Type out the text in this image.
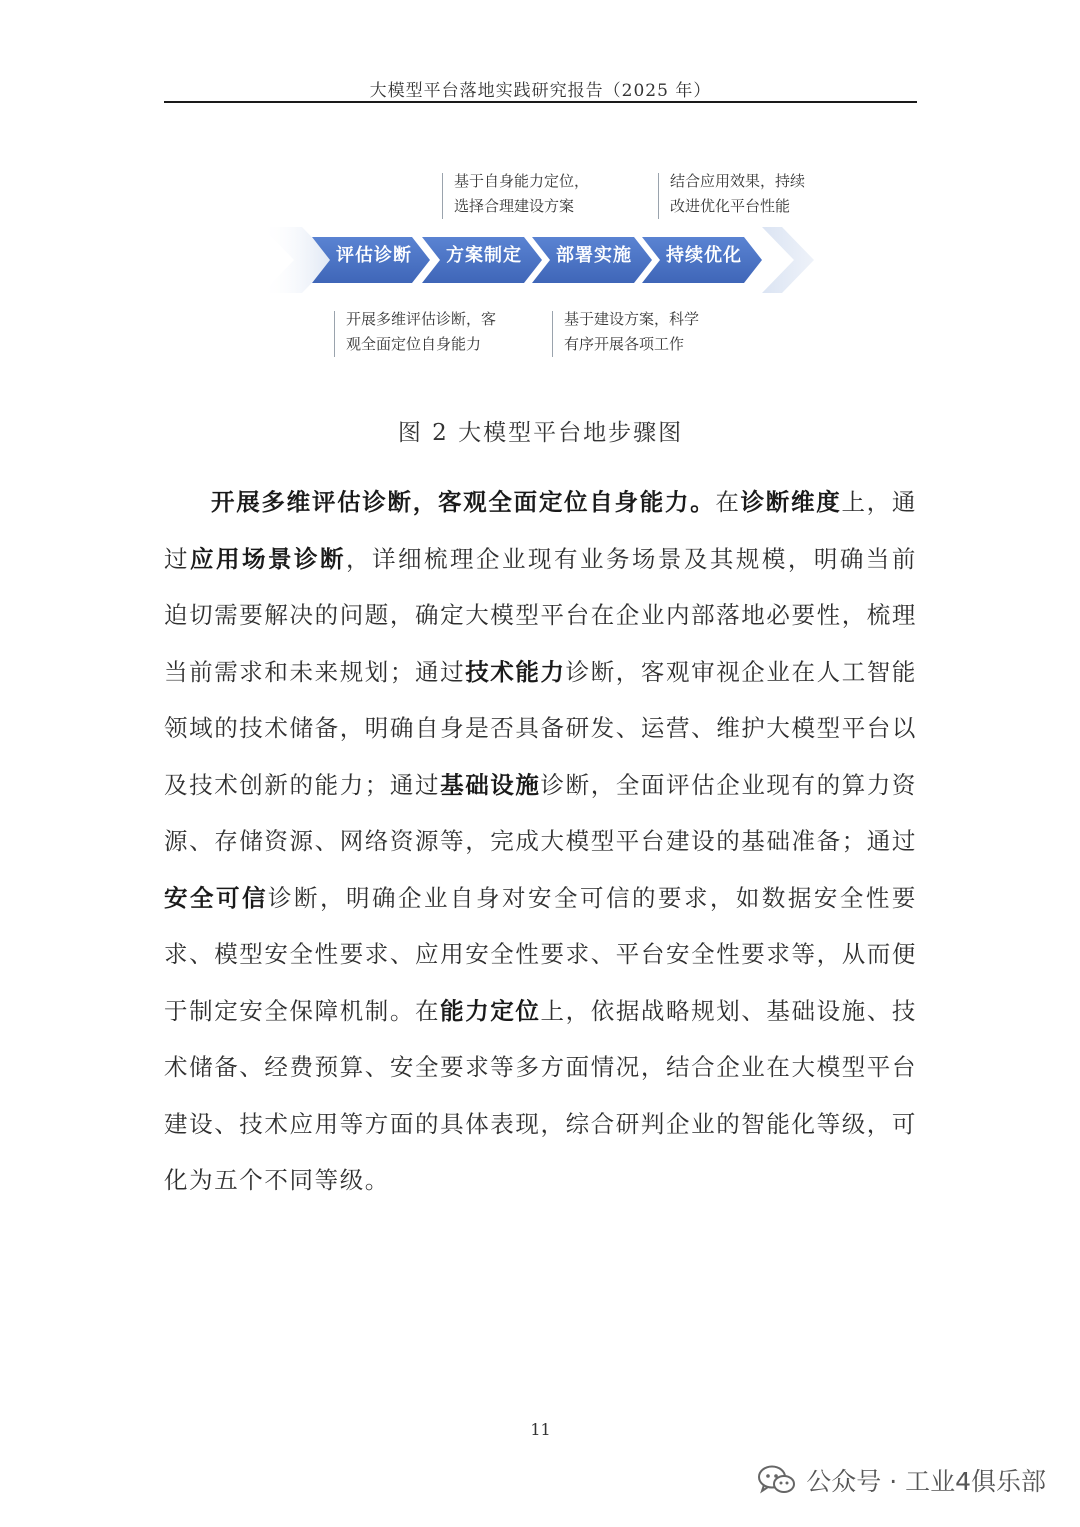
大模型平台落地实践研究报告（2025 年）
基于自身能力定位，
选择合理建设方案
结合应用效果，持续
改进优化平台性能
评估诊断	方案制定	部署实施	持续优化
开展多维评估诊断，客
观全面定位自身能力
基于建设方案，科学
有序开展各项工作
图 2 大模型平台地步骤图
开展多维评估诊断，客观全面定位自身能力。在诊断维度上，通过应用场景诊断，详细梳理企业现有业务场景及其规模，明确当前迫切需要解决的问题，确定大模型平台在企业内部落地必要性，梳理当前需求和未来规划；通过技术能力诊断，客观审视企业在人工智能领域的技术储备，明确自身是否具备研发、运营、维护大模型平台以及技术创新的能力；通过基础设施诊断，全面评估企业现有的算力资源、存储资源、网络资源等，完成大模型平台建设的基础准备；通过安全可信诊断，明确企业自身对安全可信的要求，如数据安全性要求、模型安全性要求、应用安全性要求、平台安全性要求等，从而便于制定安全保障机制。在能力定位上，依据战略规划、基础设施、技术储备、经费预算、安全要求等多方面情况，结合企业在大模型平台建设、技术应用等方面的具体表现，综合研判企业的智能化等级，可化为五个不同等级。
11
公众号 · 工业4俱乐部
